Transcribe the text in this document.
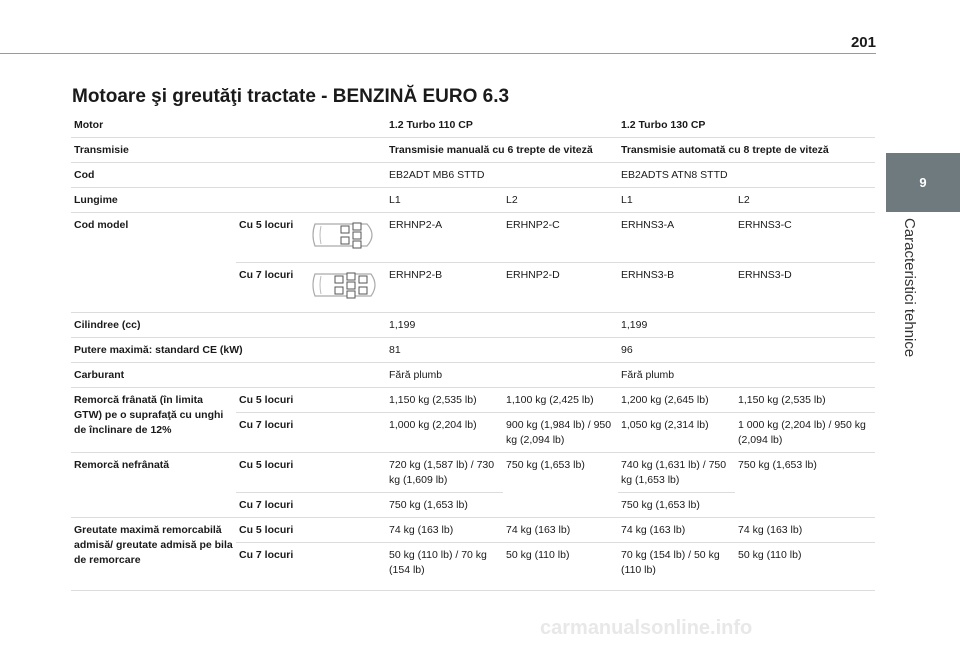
201
Motoare şi greutăţi tractate - BENZINĂ EURO 6.3
9
Caracteristici tehnice
Motor			1.2 Turbo 110 CP		1.2 Turbo 130 CP	
Transmisie			Transmisie manuală cu 6 trepte de viteză		Transmisie automată cu 8 trepte de viteză	
Cod			EB2ADT MB6 STTD		EB2ADTS ATN8 STTD	
Lungime			L1	L2	L1	L2
Cod model	Cu 5 locuri		ERHNP2-A	ERHNP2-C	ERHNS3-A	ERHNS3-C
	Cu 7 locuri		ERHNP2-B	ERHNP2-D	ERHNS3-B	ERHNS3-D
Cilindree (cc)			1,199		1,199	
Putere maximă: standard CE (kW)			81		96	
Carburant			Fără plumb		Fără plumb	
Remorcă frânată (în limita GTW) pe o suprafaţă cu unghi de înclinare de 12%	Cu 5 locuri		1,150 kg (2,535 lb)	1,100 kg (2,425 lb)	1,200 kg (2,645 lb)	1,150 kg (2,535 lb)
	Cu 7 locuri		1,000 kg (2,204 lb)	900 kg (1,984 lb) / 950 kg (2,094 lb)	1,050 kg (2,314 lb)	1 000 kg (2,204 lb) / 950 kg (2,094 lb)
Remorcă nefrânată	Cu 5 locuri		720 kg (1,587 lb) / 730 kg (1,609 lb)	750 kg (1,653 lb)	740 kg (1,631 lb) / 750 kg (1,653 lb)	750 kg (1,653 lb)
	Cu 7 locuri		750 kg (1,653 lb)		750 kg (1,653 lb)	
Greutate maximă remorcabilă admisă/ greutate admisă pe bila de remorcare	Cu 5 locuri		74 kg (163 lb)	74 kg (163 lb)	74 kg (163 lb)	74 kg (163 lb)
	Cu 7 locuri		50 kg (110 lb) / 70 kg (154 lb)	50 kg (110 lb)	70 kg (154 lb) / 50 kg (110 lb)	50 kg (110 lb)
carmanualsonline.info
